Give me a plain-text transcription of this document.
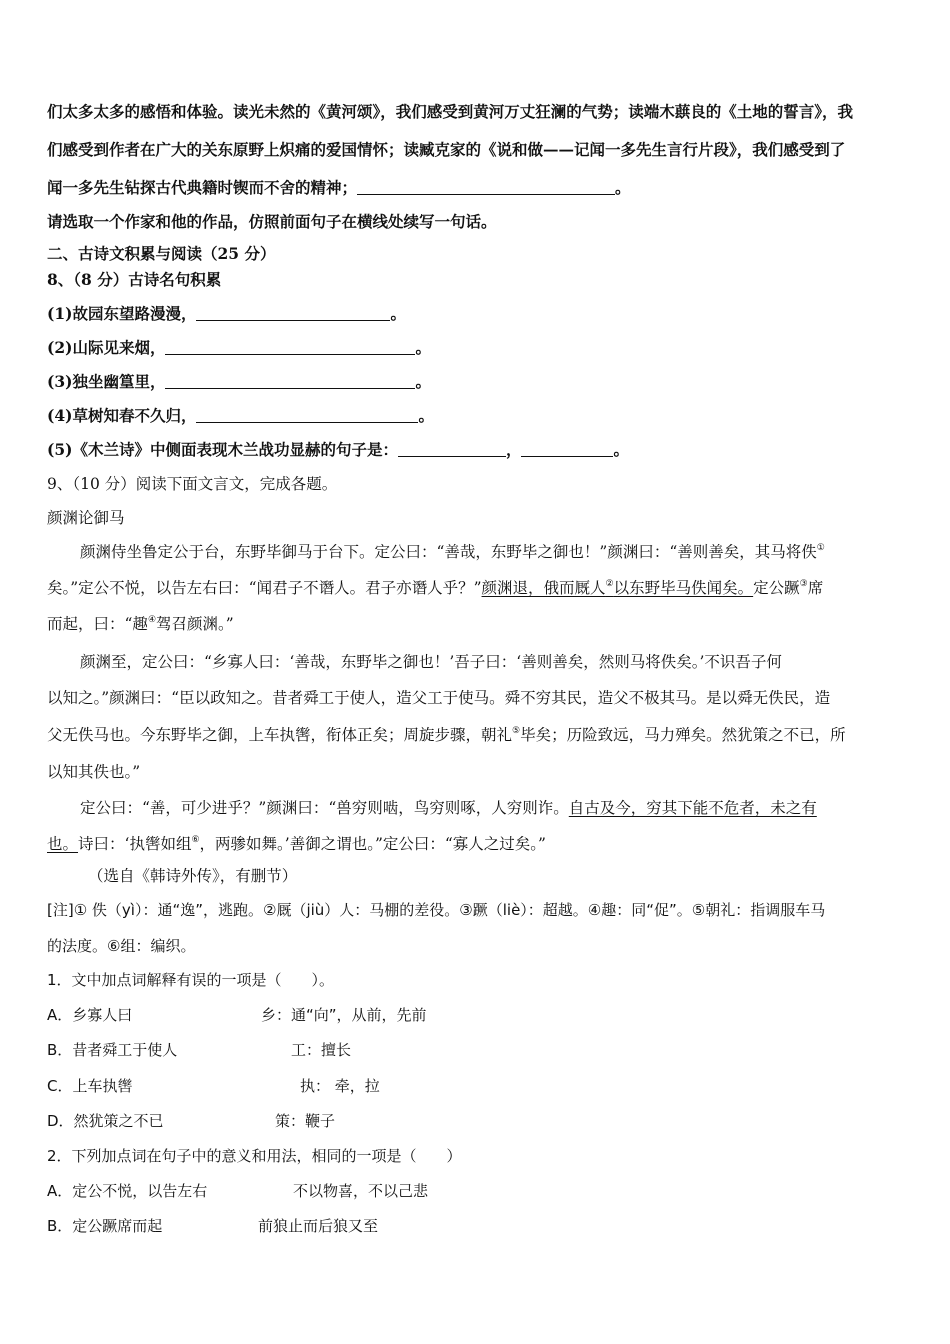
们太多太多的感悟和体验。读光未然的《黄河颂》，我们感受到黄河万丈狂澜的气势；读端木蕻良的《土地的誓言》，我
们感受到作者在广大的关东原野上炽痛的爱国情怀；读臧克家的《说和做——记闻一多先生言行片段》，我们感受到了
闻一多先生钻探古代典籍时锲而不舍的精神；	。
请选取一个作家和他的作品，仿照前面句子在横线处续写一句话。
二、古诗文积累与阅读（25 分）
8、（8 分）古诗名句积累
(1)故园东望路漫漫，	。
(2)山际见来烟，	。
(3)独坐幽篁里，	。
(4)草树知春不久归，	。
(5)《木兰诗》中侧面表现木兰战功显赫的句子是：	，	。
9、（10 分）阅读下面文言文，完成各题。
颜渊论御马
颜渊侍坐鲁定公于台，东野毕御马于台下。定公曰：“善哉，东野毕之御也！”颜渊曰：“善则善矣，其马将佚①
矣。”定公不悦，以告左右曰：“闻君子不谮人。君子亦谮人乎？”颜渊退，俄而厩人②以东野毕马佚闻矣。定公蹶③席
而起，曰：“趣④驾召颜渊。”
颜渊至，定公曰：“乡寡人曰：‘善哉，东野毕之御也！’吾子曰：‘善则善矣，然则马将佚矣。’不识吾子何
以知之。”颜渊曰：“臣以政知之。昔者舜工于使人，造父工于使马。舜不穷其民，造父不极其马。是以舜无佚民，造
父无佚马也。今东野毕之御，上车执辔，衔体正矣；周旋步骤，朝礼⑤毕矣；历险致远，马力殚矣。然犹策之不已，所
以知其佚也。”
定公曰：“善，可少进乎？”颜渊曰：“兽穷则啮，鸟穷则啄，人穷则诈。自古及今，穷其下能不危者，未之有
也。诗曰：‘执辔如组⑥，两骖如舞。’善御之谓也。”定公曰：“寡人之过矣。”
（选自《韩诗外传》，有删节）
[注]① 佚（yì）：通“逸”，逃跑。②厩（jiù）人：马棚的差役。③蹶（liè）：超越。④趣：同“促”。⑤朝礼：指调服车马
的法度。⑥组：编织。
1．文中加点词解释有误的一项是（　　）。
A．乡寡人曰	乡：通“向”，从前，先前
B．昔者舜工于使人	工：擅长
C．上车执辔	执： 牵，拉
D．然犹策之不已	策：鞭子
2．下列加点词在句子中的意义和用法，相同的一项是（　　）
A．定公不悦，以告左右	不以物喜，不以己悲
B．定公蹶席而起	前狼止而后狼又至
